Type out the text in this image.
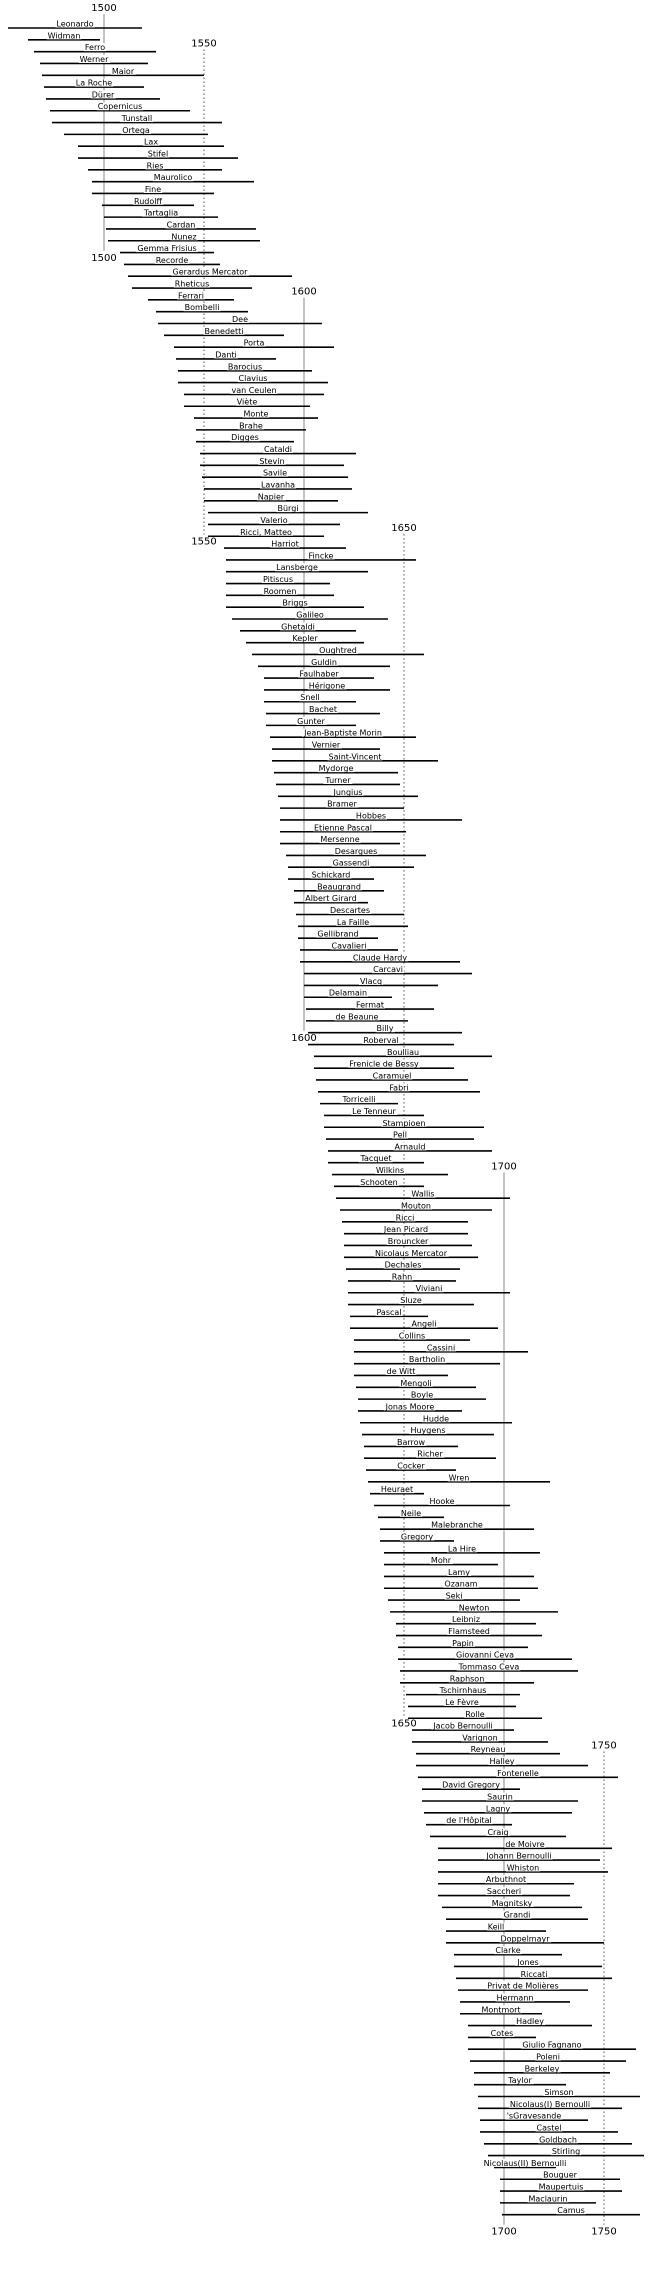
Leonardo
Widman
Ferro
Werner
Maior
La Roche
Dürer
Copernicus
Tunstall
Ortega
Lax
Stifel
Ries
Maurolico
Fine
Rudolff
Tartaglia
Cardan
Nunez
Gemma Frisius
Recorde
Gerardus Mercator
Rheticus
Ferrari
Bombelli
Dee
Benedetti
Porta
Danti
Barocius
Clavius
van Ceulen
Viète
Monte
Brahe
Digges
Cataldi
Stevin
Savile
Lavanha
Napier
Bürgi
Valerio
Ricci, Matteo
Harriot
Fincke
Lansberge
Pitiscus
Roomen
Briggs
Galileo
Ghetaldi
Kepler
Oughtred
Guldin
Faulhaber
Hérigone
Snell
Bachet
Gunter
Jean-Baptiste Morin
Vernier
Saint-Vincent
Mydorge
Turner
Jungius
Bramer
Hobbes
Etienne Pascal
Mersenne
Desargues
Gassendi
Schickard
Beaugrand
Albert Girard
Descartes
La Faille
Gellibrand
Cavalieri
Claude Hardy
Carcavi
Vlacq
Delamain
Fermat
de Beaune
Billy
Roberval
Boulliau
Frenicle de Bessy
Caramuel
Fabri
Torricelli
Le Tenneur
Stampioen
Pell
Arnauld
Tacquet
Wilkins
Schooten
Wallis
Mouton
Ricci
Jean Picard
Brouncker
Nicolaus Mercator
Dechales
Rahn
Viviani
Sluze
Pascal
Angeli
Collins
Cassini
Bartholin
de Witt
Mengoli
Boyle
Jonas Moore
Hudde
Huygens
Barrow
Richer
Cocker
Wren
Heuraet
Hooke
Neile
Malebranche
Gregory
La Hire
Mohr
Lamy
Ozanam
Seki
Newton
Leibniz
Flamsteed
Papin
Giovanni Ceva
Tommaso Ceva
Raphson
Tschirnhaus
Le Fèvre
Rolle
Jacob Bernoulli
Varignon
Reyneau
Halley
Fontenelle
David Gregory
Saurin
Lagny
de l'Hôpital
Craig
de Moivre
Johann Bernoulli
Whiston
Arbuthnot
Saccheri
Magnitsky
Grandi
Keill
Doppelmayr
Clarke
Jones
Riccati
Privat de Molières
Hermann
Montmort
Hadley
Cotes
Giulio Fagnano
Poleni
Berkeley
Taylor
Simson
Nicolaus(I) Bernoulli
'sGravesande
Castel
Goldbach
Stirling
Nicolaus(II) Bernoulli
Bouguer
Maupertuis
Maclaurin
Camus
1500
1500
1600
1600
1700
1700
1550
1550
1650
1650
1750
1750
